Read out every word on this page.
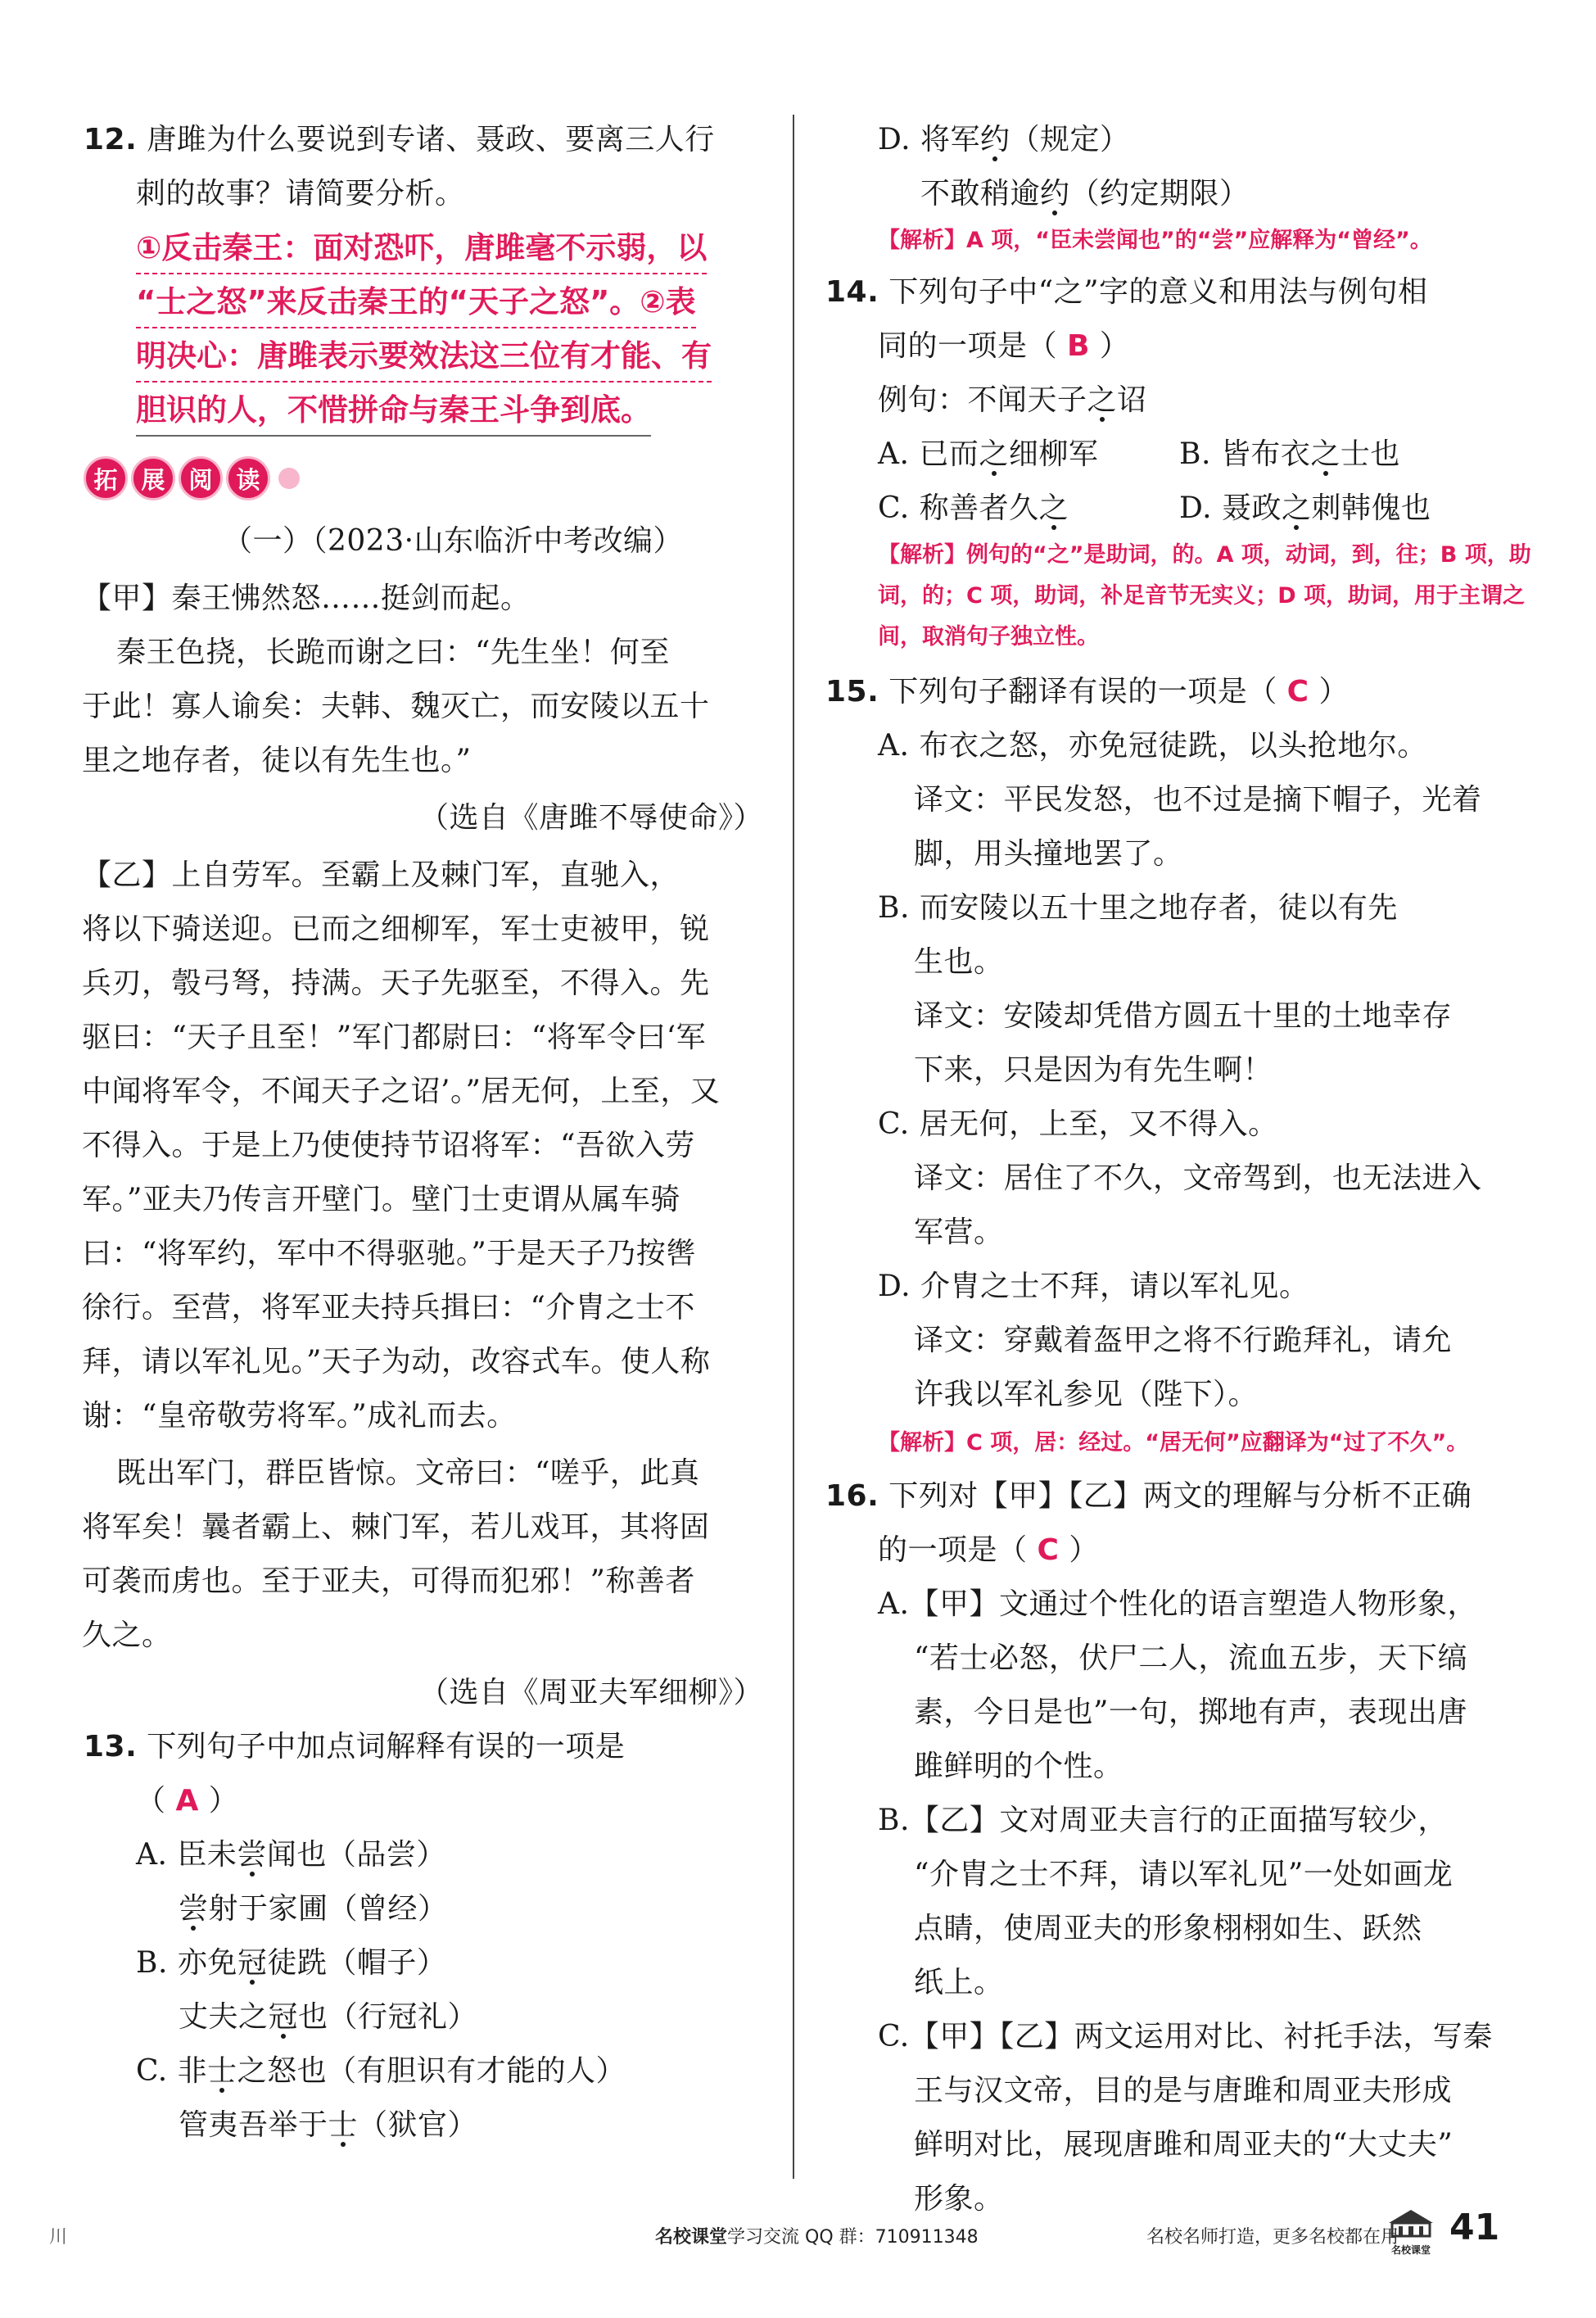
12. 唐雎为什么要说到专诸、聂政、要离三人行
刺的故事？请简要分析。
①反击秦王：面对恐吓，唐雎毫不示弱，以
“士之怒”来反击秦王的“天子之怒”。②表
明决心：唐雎表示要效法这三位有才能、有
胆识的人，不惜拼命与秦王斗争到底。
拓 展 阅 读
（一）（2023·山东临沂中考改编）
【甲】秦王怫然怒……挺剑而起。
秦王色挠，长跪而谢之曰：“先生坐！何至
于此！寡人谕矣：夫韩、魏灭亡，而安陵以五十
里之地存者，徒以有先生也。”
（选自《唐雎不辱使命》）
【乙】上自劳军。至霸上及棘门军，直驰入，
将以下骑送迎。已而之细柳军，军士吏被甲，锐
兵刃，彀弓弩，持满。天子先驱至，不得入。先
驱曰：“天子且至！”军门都尉曰：“将军令曰‘军
中闻将军令，不闻天子之诏’。”居无何，上至，又
不得入。于是上乃使使持节诏将军：“吾欲入劳
军。”亚夫乃传言开壁门。壁门士吏谓从属车骑
曰：“将军约，军中不得驱驰。”于是天子乃按辔
徐行。至营，将军亚夫持兵揖曰：“介胄之士不
拜，请以军礼见。”天子为动，改容式车。使人称
谢：“皇帝敬劳将军。”成礼而去。
既出军门，群臣皆惊。文帝曰：“嗟乎，此真
将军矣！曩者霸上、棘门军，若儿戏耳，其将固
可袭而虏也。至于亚夫，可得而犯邪！”称善者
久之。
（选自《周亚夫军细柳》）
13. 下列句子中加点词解释有误的一项是
（ A ）
A. 臣未尝闻也（品尝）
尝射于家圃（曾经）
B. 亦免冠徒跣（帽子）
丈夫之冠也（行冠礼）
C. 非士之怒也（有胆识有才能的人）
管夷吾举于士（狱官）
D. 将军约（规定）
不敢稍逾约（约定期限）
【解析】A 项，“臣未尝闻也”的“尝”应解释为“曾经”。
14. 下列句子中“之”字的意义和用法与例句相
同的一项是（ B ）
例句：不闻天子之诏
A. 已而之细柳军	B. 皆布衣之士也
C. 称善者久之	D. 聂政之刺韩傀也
【解析】例句的“之”是助词，的。A 项，动词，到，往；B 项，助
词，的；C 项，助词，补足音节无实义；D 项，助词，用于主谓之
间，取消句子独立性。
15. 下列句子翻译有误的一项是（ C ）
A. 布衣之怒，亦免冠徒跣，以头抢地尔。
译文：平民发怒，也不过是摘下帽子，光着
脚，用头撞地罢了。
B. 而安陵以五十里之地存者，徒以有先
生也。
译文：安陵却凭借方圆五十里的土地幸存
下来，只是因为有先生啊！
C. 居无何，上至，又不得入。
译文：居住了不久，文帝驾到，也无法进入
军营。
D. 介胄之士不拜，请以军礼见。
译文：穿戴着盔甲之将不行跪拜礼，请允
许我以军礼参见（陛下）。
【解析】C 项，居：经过。“居无何”应翻译为“过了不久”。
16. 下列对【甲】【乙】两文的理解与分析不正确
的一项是（ C ）
A.【甲】文通过个性化的语言塑造人物形象，
“若士必怒，伏尸二人，流血五步，天下缟
素，今日是也”一句，掷地有声，表现出唐
雎鲜明的个性。
B.【乙】文对周亚夫言行的正面描写较少，
“介胄之士不拜，请以军礼见”一处如画龙
点睛，使周亚夫的形象栩栩如生、跃然
纸上。
C.【甲】【乙】两文运用对比、衬托手法，写秦
王与汉文帝，目的是与唐雎和周亚夫形成
鲜明对比，展现唐雎和周亚夫的“大丈夫”
形象。
川	名校课堂学习交流 QQ 群：710911348	名校名师打造，更多名校都在用
名校课堂
41
